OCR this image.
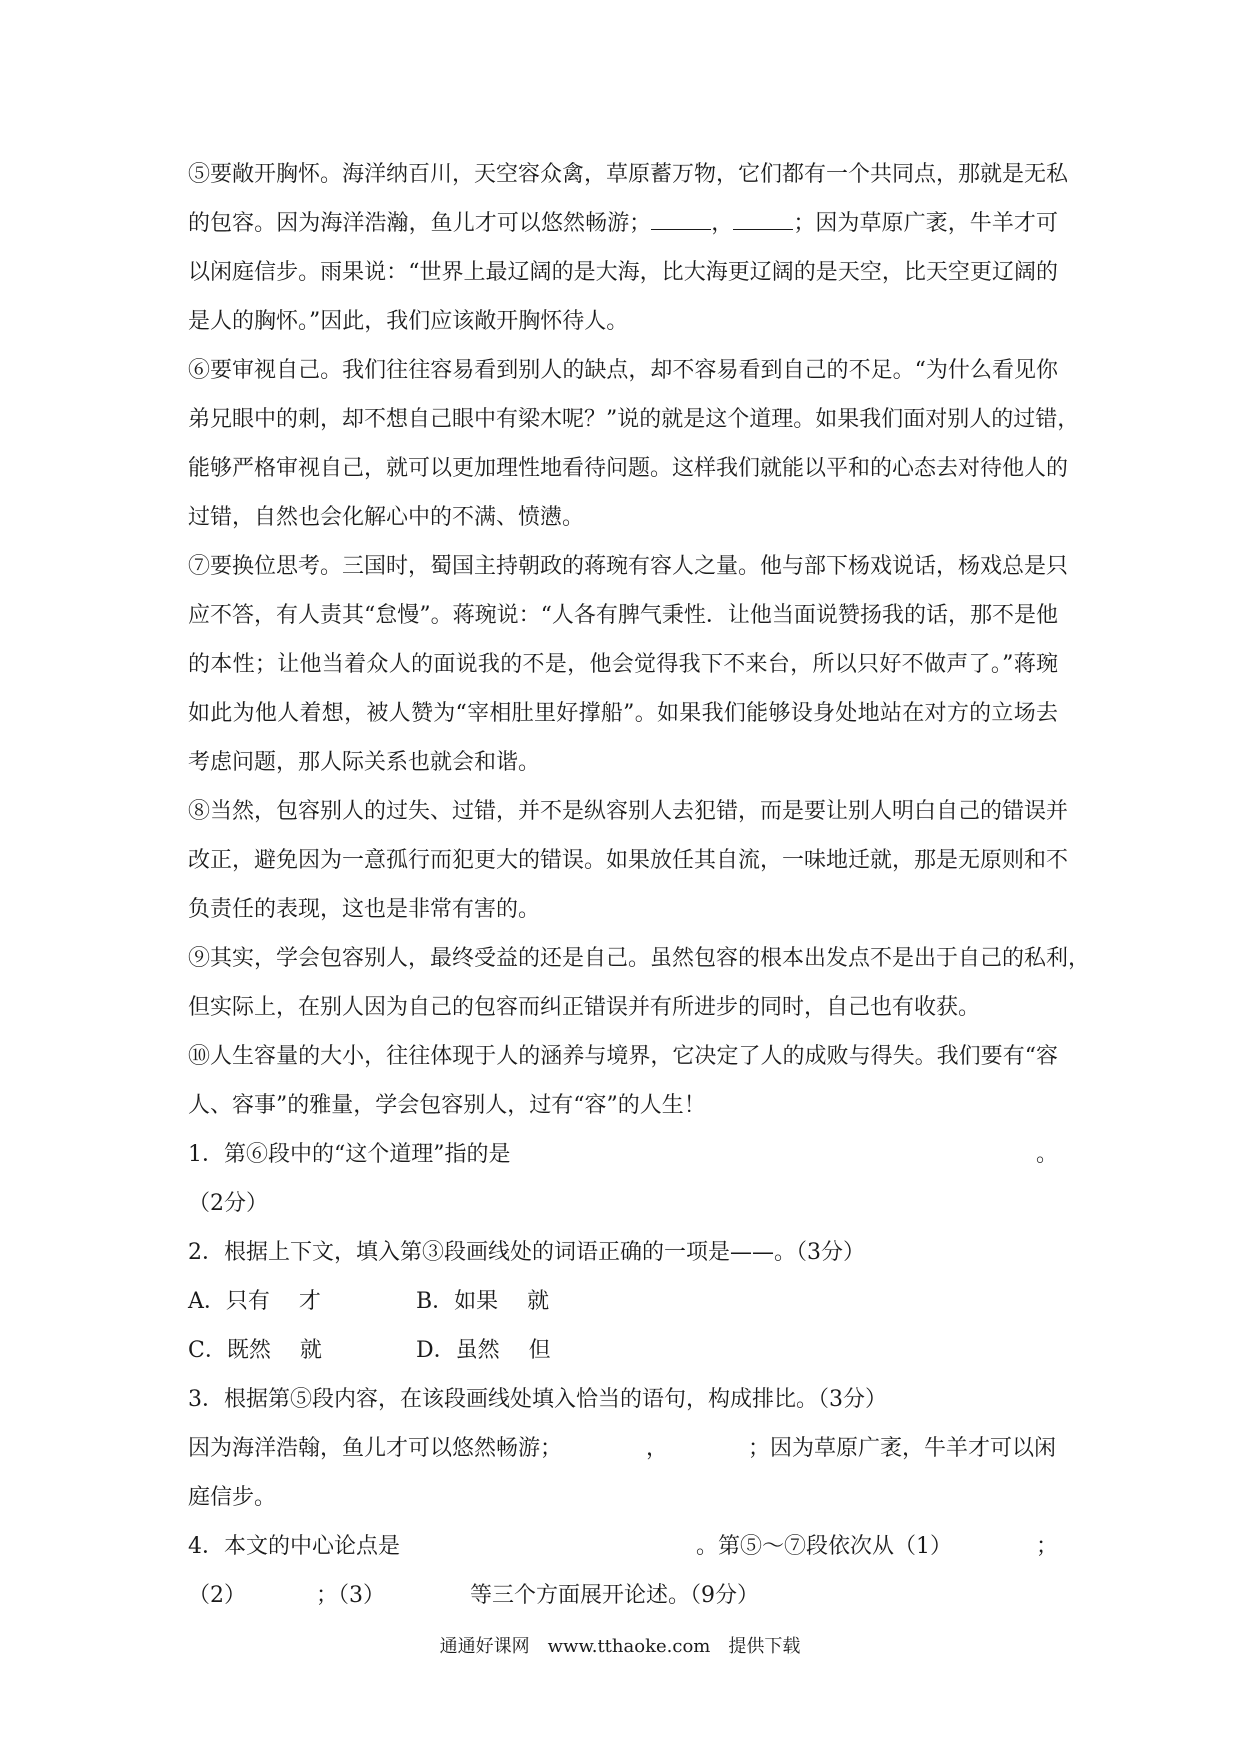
⑤要敞开胸怀。海洋纳百川，天空容众禽，草原蓄万物，它们都有一个共同点，那就是无私
的包容。因为海洋浩瀚，鱼儿才可以悠然畅游；	，	；因为草原广袤，牛羊才可
以闲庭信步。雨果说：“世界上最辽阔的是大海，比大海更辽阔的是天空，比天空更辽阔的
是人的胸怀。”因此，我们应该敞开胸怀待人。
⑥要审视自己。我们往往容易看到别人的缺点，却不容易看到自己的不足。“为什么看见你
弟兄眼中的刺，却不想自己眼中有梁木呢？”说的就是这个道理。如果我们面对别人的过错，
能够严格审视自己，就可以更加理性地看待问题。这样我们就能以平和的心态去对待他人的
过错，自然也会化解心中的不满、愤懑。
⑦要换位思考。三国时，蜀国主持朝政的蒋琬有容人之量。他与部下杨戏说话，杨戏总是只
应不答，有人责其“怠慢”。蒋琬说：“人各有脾气秉性．让他当面说赞扬我的话，那不是他
的本性；让他当着众人的面说我的不是，他会觉得我下不来台，所以只好不做声了。”蒋琬
如此为他人着想，被人赞为“宰相肚里好撑船”。如果我们能够设身处地站在对方的立场去
考虑问题，那人际关系也就会和谐。
⑧当然，包容别人的过失、过错，并不是纵容别人去犯错，而是要让别人明白自己的错误并
改正，避免因为一意孤行而犯更大的错误。如果放任其自流，一味地迁就，那是无原则和不
负责任的表现，这也是非常有害的。
⑨其实，学会包容别人，最终受益的还是自己。虽然包容的根本出发点不是出于自己的私利，
但实际上，在别人因为自己的包容而纠正错误并有所进步的同时，自己也有收获。
⑩人生容量的大小，往往体现于人的涵养与境界，它决定了人的成败与得失。我们要有“容
人、容事”的雅量，学会包容别人，过有“容”的人生！
1．第⑥段中的“这个道理”指的是	。
（2分）
2．根据上下文，填入第③段画线处的词语正确的一项是——。（3分）
A．只有　 才	B．如果　 就
C．既然　 就	D．虽然　 但
3．根据第⑤段内容，在该段画线处填入恰当的语句，构成排比。（3分）
因为海洋浩翰，鱼儿才可以悠然畅游；	，	；因为草原广袤，牛羊才可以闲
庭信步。
4．本文的中心论点是	。第⑤～⑦段依次从（1）	；
（2）	；（3）	等三个方面展开论述。（9分）
通通好课网　www.tthaoke.com　提供下载
